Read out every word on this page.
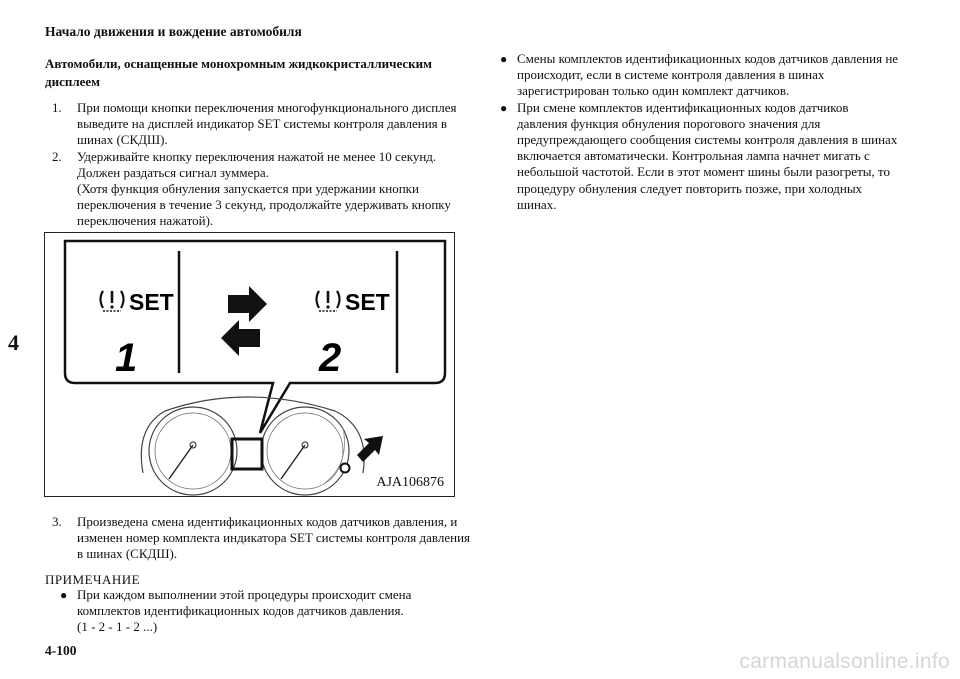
Начало движения и вождение автомобиля
Автомобили, оснащенные монохромным жидкокристаллическим дисплеем
4
1.	При помощи кнопки переключения многофункционального дисплея выведите на дисплей индикатор SET системы контроля давления в шинах (СКДШ).
2.	Удерживайте кнопку переключения нажатой не менее 10 секунд. Должен раздаться сигнал зуммера.
(Хотя функция обнуления запускается при удержании кнопки переключения в течение 3 секунд, продолжайте удерживать кнопку переключения нажатой).
SET
1
SET
2
AJA106876
3.	Произведена смена идентификационных кодов датчиков давления, и изменен номер комплекта индикатора SET системы контроля давления в шинах (СКДШ).
ПРИМЕЧАНИЕ
● При каждом выполнении этой процедуры происходит смена комплектов идентификационных кодов датчиков давления.
(1 - 2 - 1 - 2 ...)
● Смены комплектов идентификационных кодов датчиков давления не происходит, если в системе контроля давления в шинах зарегистрирован только один комплект датчиков.
● При смене комплектов идентификационных кодов датчиков давления функция обнуления порогового значения для предупреждающего сообщения системы контроля давления в шинах включается автоматически. Контрольная лампа начнет мигать с небольшой частотой. Если в этот момент шины были разогреты, то процедуру обнуления следует повторить позже, при холодных шинах.
4-100	carmanualsonline.info
